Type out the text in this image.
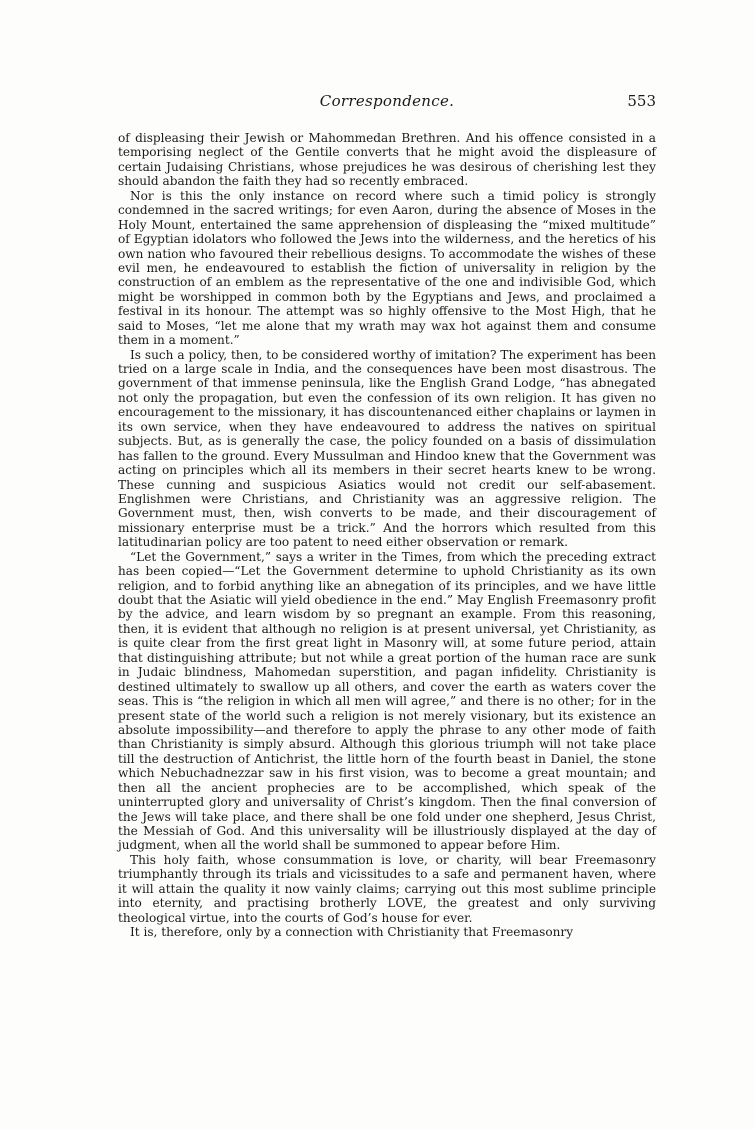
Correspondence.	553

of displeasing their Jewish or Mahommedan Brethren. And his offence consisted in a temporising neglect of the Gentile converts that he might avoid the displeasure of certain Judaising Christians, whose prejudices he was desirous of cherishing lest they should abandon the faith they had so recently embraced.

Nor is this the only instance on record where such a timid policy is strongly condemned in the sacred writings; for even Aaron, during the absence of Moses in the Holy Mount, entertained the same apprehension of displeasing the “mixed multitude” of Egyptian idolators who followed the Jews into the wilderness, and the heretics of his own nation who favoured their rebellious designs. To accommodate the wishes of these evil men, he endeavoured to establish the fiction of universality in religion by the construction of an emblem as the representative of the one and indivisible God, which might be worshipped in common both by the Egyptians and Jews, and proclaimed a festival in its honour. The attempt was so highly offensive to the Most High, that he said to Moses, “let me alone that my wrath may wax hot against them and consume them in a moment.”

Is such a policy, then, to be considered worthy of imitation? The experiment has been tried on a large scale in India, and the consequences have been most disastrous. The government of that immense peninsula, like the English Grand Lodge, “has abnegated not only the propagation, but even the confession of its own religion. It has given no encouragement to the missionary, it has discountenanced either chaplains or laymen in its own service, when they have endeavoured to address the natives on spiritual subjects. But, as is generally the case, the policy founded on a basis of dissimulation has fallen to the ground. Every Mussulman and Hindoo knew that the Government was acting on principles which all its members in their secret hearts knew to be wrong. These cunning and suspicious Asiatics would not credit our self-abasement. Englishmen were Christians, and Christianity was an aggressive religion. The Government must, then, wish converts to be made, and their discouragement of missionary enterprise must be a trick.” And the horrors which resulted from this latitudinarian policy are too patent to need either observation or remark.

“Let the Government,” says a writer in the Times, from which the preceding extract has been copied—“Let the Government determine to uphold Christianity as its own religion, and to forbid anything like an abnegation of its principles, and we have little doubt that the Asiatic will yield obedience in the end.” May English Freemasonry profit by the advice, and learn wisdom by so pregnant an example. From this reasoning, then, it is evident that although no religion is at present universal, yet Christianity, as is quite clear from the first great light in Masonry will, at some future period, attain that distinguishing attribute; but not while a great portion of the human race are sunk in Judaic blindness, Mahomedan superstition, and pagan infidelity. Christianity is destined ultimately to swallow up all others, and cover the earth as waters cover the seas. This is “the religion in which all men will agree,” and there is no other; for in the present state of the world such a religion is not merely visionary, but its existence an absolute impossibility—and therefore to apply the phrase to any other mode of faith than Christianity is simply absurd. Although this glorious triumph will not take place till the destruction of Antichrist, the little horn of the fourth beast in Daniel, the stone which Nebuchadnezzar saw in his first vision, was to become a great mountain; and then all the ancient prophecies are to be accomplished, which speak of the uninterrupted glory and universality of Christ’s kingdom. Then the final conversion of the Jews will take place, and there shall be one fold under one shepherd, Jesus Christ, the Messiah of God. And this universality will be illustriously displayed at the day of judgment, when all the world shall be summoned to appear before Him.

This holy faith, whose consummation is love, or charity, will bear Freemasonry triumphantly through its trials and vicissitudes to a safe and permanent haven, where it will attain the quality it now vainly claims; carrying out this most sublime principle into eternity, and practising brotherly LOVE, the greatest and only surviving theological virtue, into the courts of God’s house for ever.

It is, therefore, only by a connection with Christianity that Freemasonry
